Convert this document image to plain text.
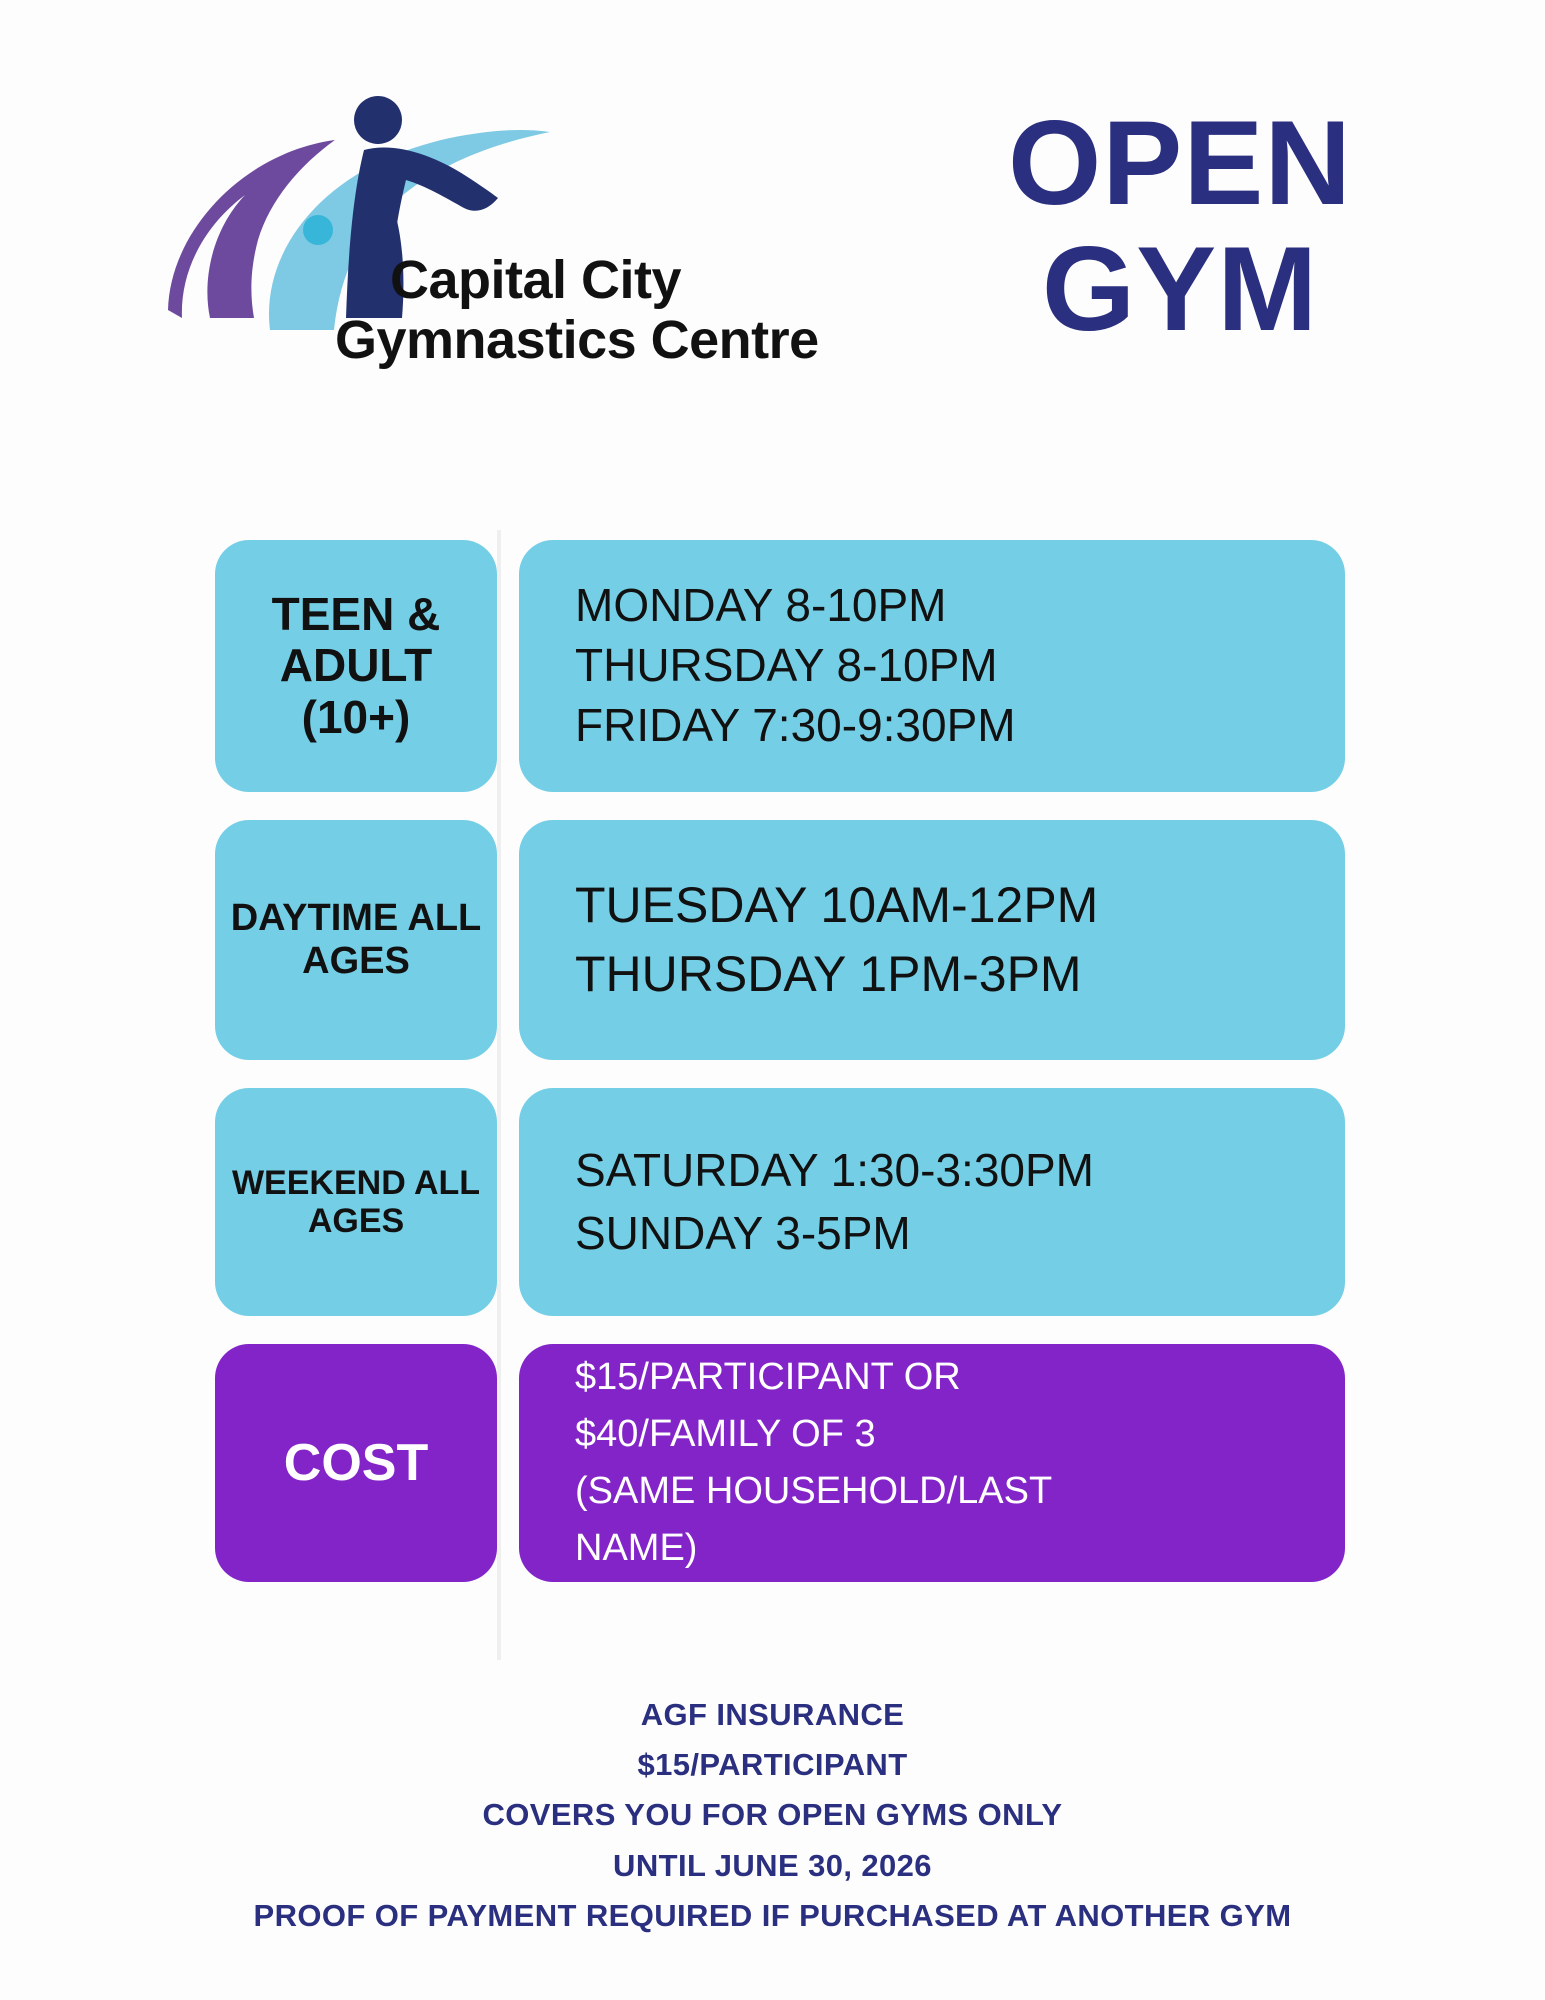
Capital City
Gymnastics Centre
OPEN
GYM
TEEN & ADULT (10+)
MONDAY 8-10PM
THURSDAY 8-10PM
FRIDAY 7:30-9:30PM
DAYTIME ALL AGES
TUESDAY 10AM-12PM
THURSDAY 1PM-3PM
WEEKEND ALL AGES
SATURDAY 1:30-3:30PM
SUNDAY 3-5PM
COST
$15/PARTICIPANT OR
$40/FAMILY OF 3
(SAME HOUSEHOLD/LAST
NAME)
AGF INSURANCE
$15/PARTICIPANT
COVERS YOU FOR OPEN GYMS ONLY
UNTIL JUNE 30, 2026
PROOF OF PAYMENT REQUIRED IF PURCHASED AT ANOTHER GYM
